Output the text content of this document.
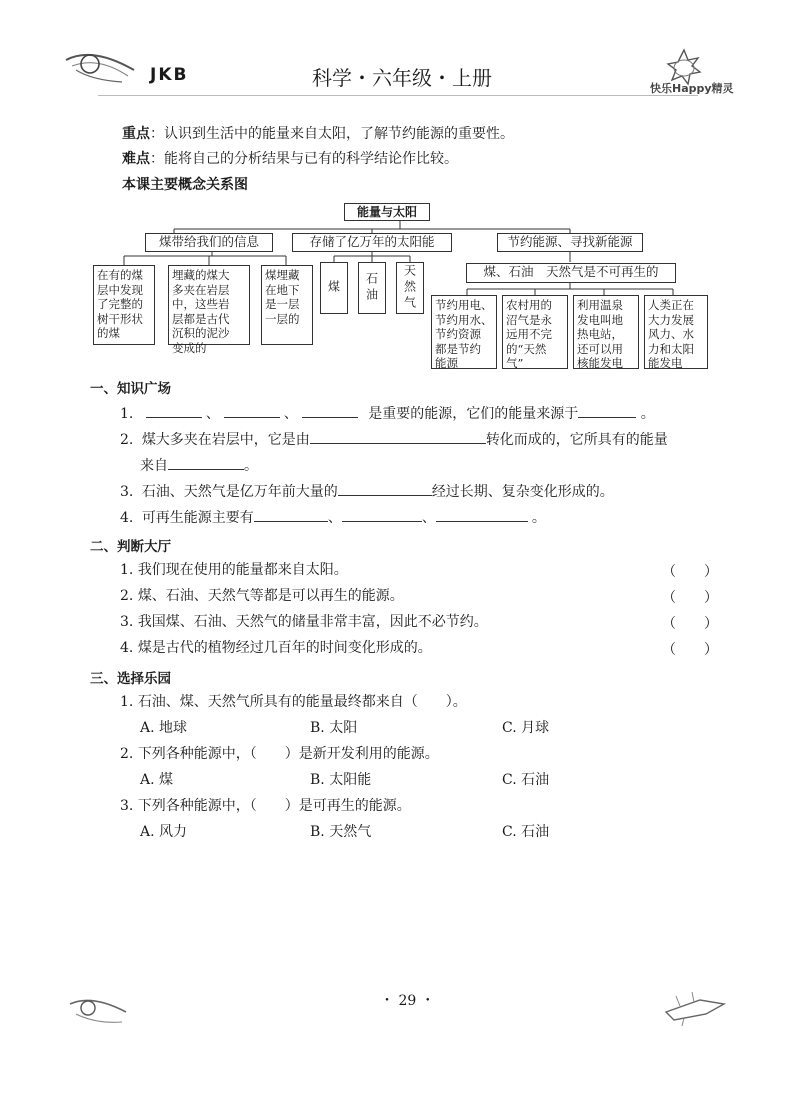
JKB	科学・六年级・上册	快乐Happy精灵
重点：认识到生活中的能量来自太阳，了解节约能源的重要性。
难点：能将自己的分析结果与已有的科学结论作比较。
本课主要概念关系图
能量与太阳
煤带给我们的信息	存储了亿万年的太阳能	节约能源、寻找新能源
煤、石油　天然气是不可再生的
在有的煤
层中发现
了完整的
树干形状
的煤
埋藏的煤大
多夹在岩层
中，这些岩
层都是古代
沉积的泥沙
变成的
煤埋藏
在地下
是一层
一层的
煤 石油 天然气	节约用电、
节约用水、
节约资源
都是节约
能源
农村用的
沼气是永
远用不完
的“天然
气”
利用温泉
发电叫地
热电站，
还可以用
核能发电
人类正在
大力发展
风力、水
力和太阳
能发电
一、知识广场
1.	、	、	是重要的能源，它们的能量来源于	。
2. 煤大多夹在岩层中，它是由	转化而成的，它所具有的能量
来自	。
3. 石油、天然气是亿万年前大量的	经过长期、复杂变化形成的。
4. 可再生能源主要有	、	、	。
二、判断大厅
1. 我们现在使用的能量都来自太阳。	（　　）
2. 煤、石油、天然气等都是可以再生的能源。	（　　）
3. 我国煤、石油、天然气的储量非常丰富，因此不必节约。	（　　）
4. 煤是古代的植物经过几百年的时间变化形成的。	（　　）
三、选择乐园
1. 石油、煤、天然气所具有的能量最终都来自（　　）。
A. 地球	B. 太阳	C. 月球
2. 下列各种能源中，（　　）是新开发利用的能源。
A. 煤	B. 太阳能	C. 石油
3. 下列各种能源中，（　　）是可再生的能源。
A. 风力	B. 天然气	C. 石油
・ 29 ・
